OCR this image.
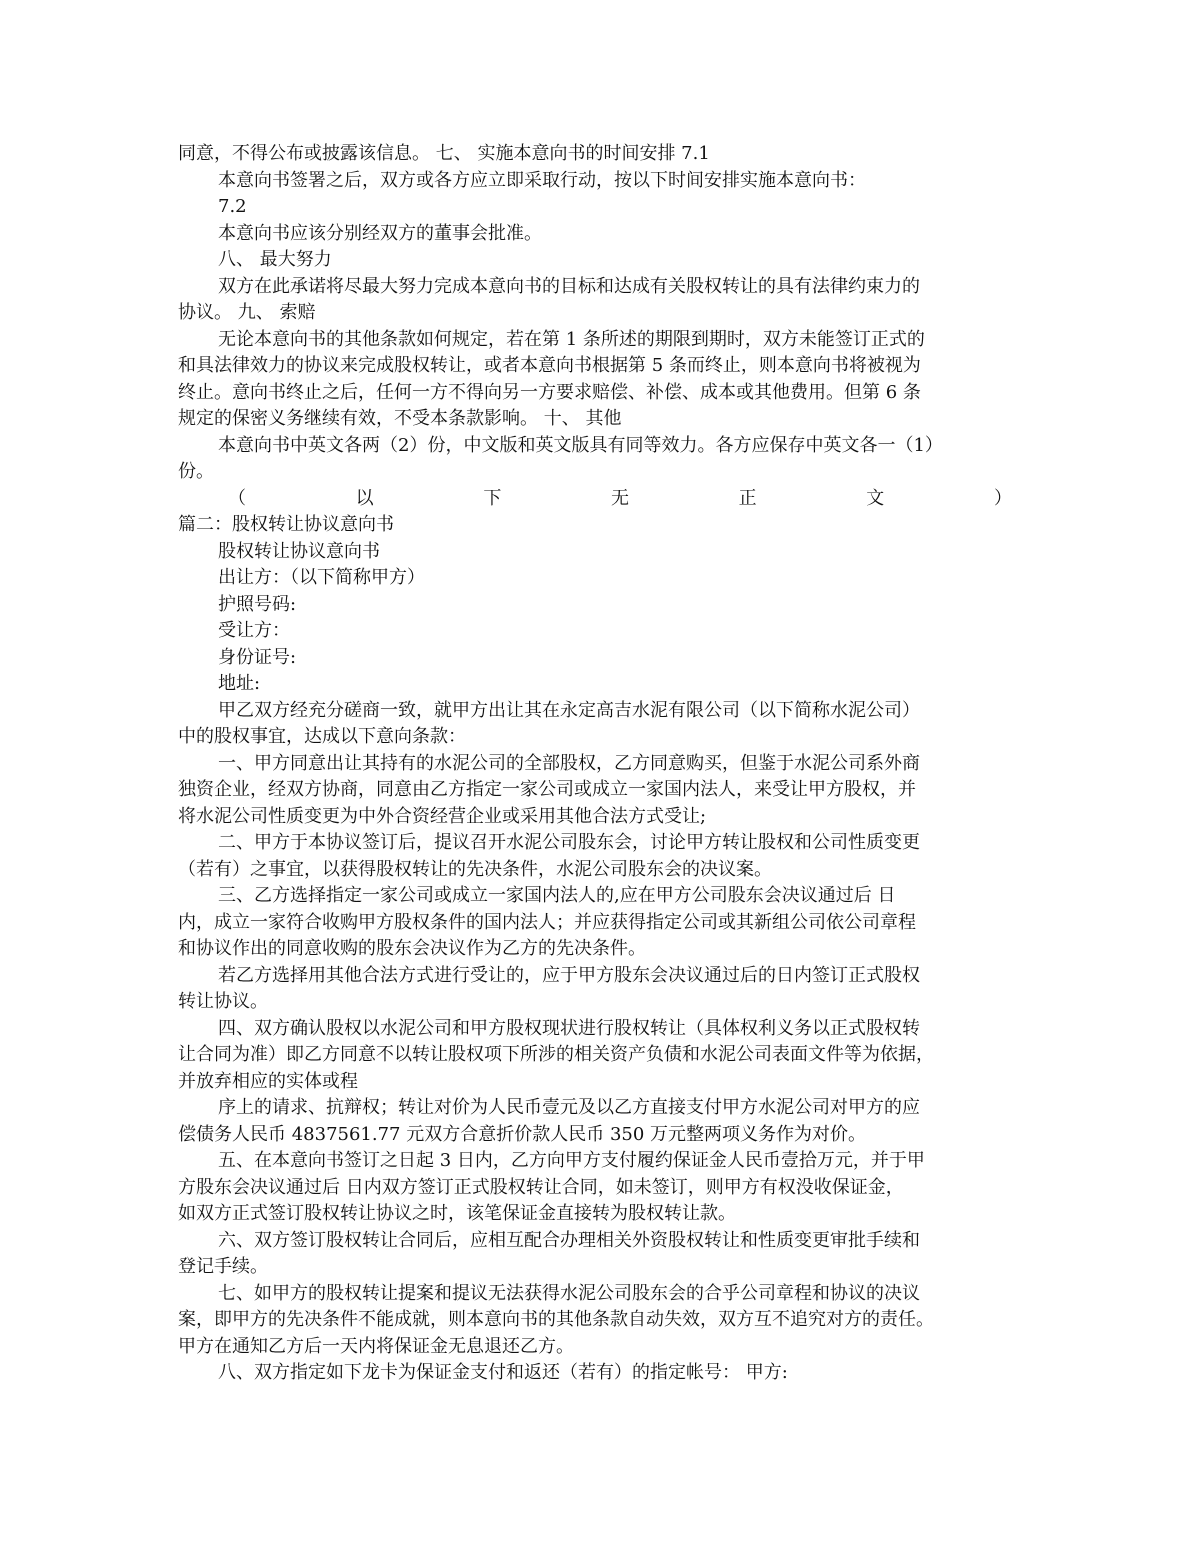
同意，不得公布或披露该信息。 七、 实施本意向书的时间安排 7.1
本意向书签署之后，双方或各方应立即采取行动，按以下时间安排实施本意向书：
7.2
本意向书应该分别经双方的董事会批准。
八、 最大努力
双方在此承诺将尽最大努力完成本意向书的目标和达成有关股权转让的具有法律约束力的
协议。 九、 索赔
无论本意向书的其他条款如何规定，若在第 1 条所述的期限到期时，双方未能签订正式的
和具法律效力的协议来完成股权转让，或者本意向书根据第 5 条而终止，则本意向书将被视为
终止。意向书终止之后，任何一方不得向另一方要求赔偿、补偿、成本或其他费用。但第 6 条
规定的保密义务继续有效，不受本条款影响。 十、 其他
本意向书中英文各两（2）份，中文版和英文版具有同等效力。各方应保存中英文各一（1）
份。
（	以	下	无	正	文	）
篇二：股权转让协议意向书
股权转让协议意向书
出让方：（以下简称甲方）
护照号码:
受让方：
身份证号:
地址:
甲乙双方经充分磋商一致，就甲方出让其在永定高吉水泥有限公司（以下简称水泥公司）
中的股权事宜，达成以下意向条款：
一、甲方同意出让其持有的水泥公司的全部股权，乙方同意购买，但鉴于水泥公司系外商
独资企业，经双方协商，同意由乙方指定一家公司或成立一家国内法人，来受让甲方股权，并
将水泥公司性质变更为中外合资经营企业或采用其他合法方式受让;
二、甲方于本协议签订后，提议召开水泥公司股东会，讨论甲方转让股权和公司性质变更
（若有）之事宜，以获得股权转让的先决条件，水泥公司股东会的决议案。
三、乙方选择指定一家公司或成立一家国内法人的,应在甲方公司股东会决议通过后 日
内，成立一家符合收购甲方股权条件的国内法人；并应获得指定公司或其新组公司依公司章程
和协议作出的同意收购的股东会决议作为乙方的先决条件。
若乙方选择用其他合法方式进行受让的，应于甲方股东会决议通过后的日内签订正式股权
转让协议。
四、双方确认股权以水泥公司和甲方股权现状进行股权转让（具体权利义务以正式股权转
让合同为准）即乙方同意不以转让股权项下所涉的相关资产负债和水泥公司表面文件等为依据，
并放弃相应的实体或程
序上的请求、抗辩权；转让对价为人民币壹元及以乙方直接支付甲方水泥公司对甲方的应
偿债务人民币 4837561.77 元双方合意折价款人民币 350 万元整两项义务作为对价。
五、在本意向书签订之日起 3 日内，乙方向甲方支付履约保证金人民币壹拾万元，并于甲
方股东会决议通过后 日内双方签订正式股权转让合同，如未签订，则甲方有权没收保证金，
如双方正式签订股权转让协议之时，该笔保证金直接转为股权转让款。
六、双方签订股权转让合同后，应相互配合办理相关外资股权转让和性质变更审批手续和
登记手续。
七、如甲方的股权转让提案和提议无法获得水泥公司股东会的合乎公司章程和协议的决议
案，即甲方的先决条件不能成就，则本意向书的其他条款自动失效，双方互不追究对方的责任。
甲方在通知乙方后一天内将保证金无息退还乙方。
八、双方指定如下龙卡为保证金支付和返还（若有）的指定帐号： 甲方:
